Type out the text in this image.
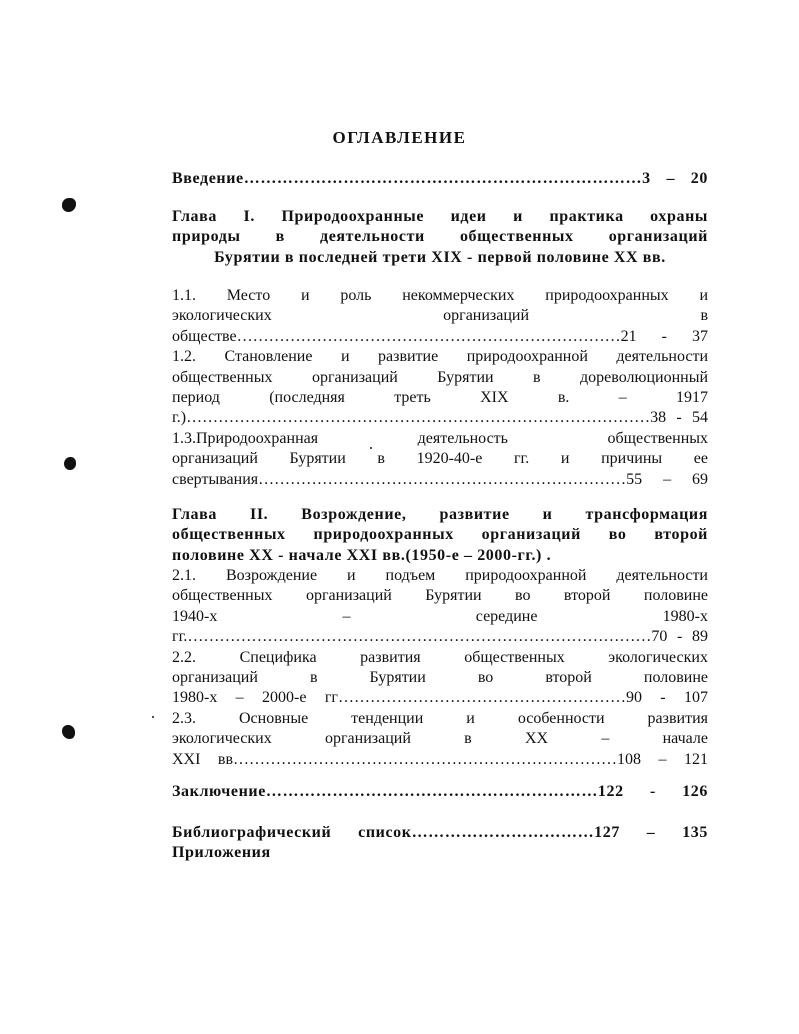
ОГЛАВЛЕНИЕ
Введение………………………………………………………………3 – 20
Глава I. Природоохранные идеи и практика охраны
природы в деятельности общественных организаций
Бурятии в последней трети XIX - первой половине XX вв.
1.1. Место и роль некоммерческих природоохранных и
экологических организаций в
обществе………………………………………………………………21 - 37
1.2. Становление и развитие природоохранной деятельности
общественных организаций Бурятии в дореволюционный
период (последняя треть XIX в. – 1917
г.)……………………………………………………………………………38 - 54
1.3.Природоохранная деятельность общественных
организаций Бурятии в 1920-40-е гг. и причины ее
свертывания……………………………………………………………55 – 69
Глава II. Возрождение, развитие и трансформация
общественных природоохранных организаций во второй
половине XX - начале XXI вв.(1950-е – 2000-гг.) .
2.1. Возрождение и подъем природоохранной деятельности
общественных организаций Бурятии во второй половине
1940-х – середине 1980-х
гг.……………………………………………………………………………70 - 89
2.2. Специфика развития общественных экологических
организаций в Бурятии во второй половине
1980-х – 2000-е гг………………………………………………90 - 107
2.3. Основные тенденции и особенности развития
экологических организаций в XX – начале
XXI вв………………………………………………………………108 – 121
Заключение……………………………………………………122 - 126
Библиографический список……………………………127 – 135
Приложения
